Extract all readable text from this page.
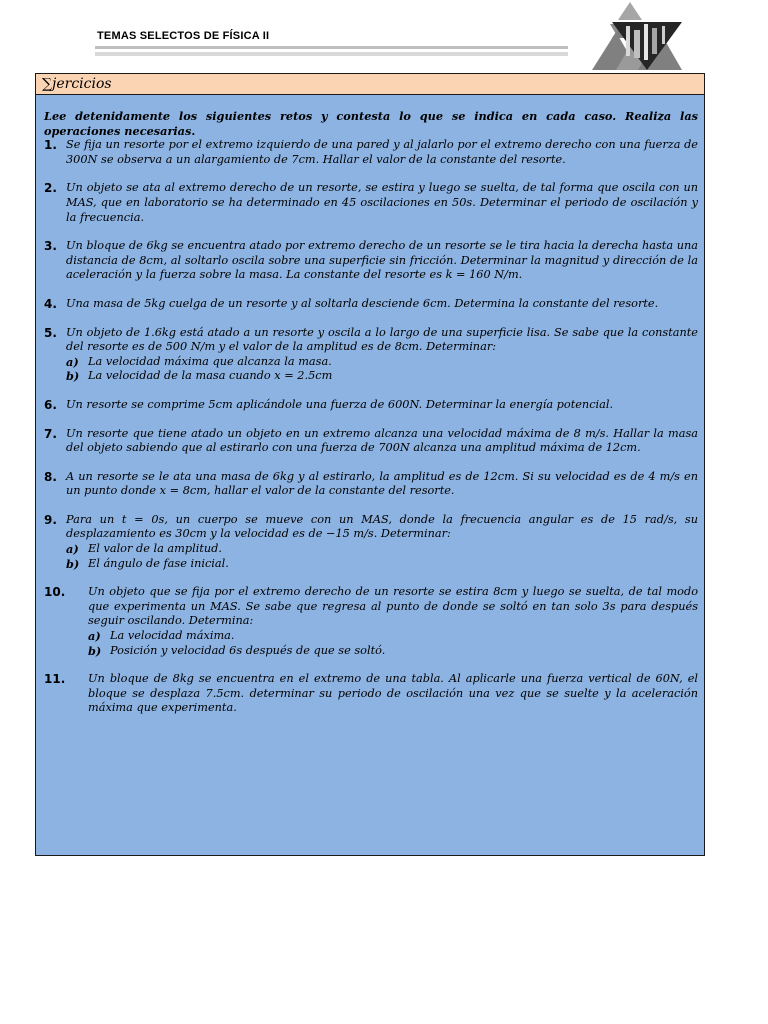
TEMAS SELECTOS DE FÍSICA II
∑jercicios

Lee detenidamente los siguientes retos y contesta lo que se indica en cada caso. Realiza las operaciones necesarias.

1. Se fija un resorte por el extremo izquierdo de una pared y al jalarlo por el extremo derecho con una fuerza de 300N se observa a un alargamiento de 7cm. Hallar el valor de la constante del resorte.
2. Un objeto se ata al extremo derecho de un resorte, se estira y luego se suelta, de tal forma que oscila con un MAS, que en laboratorio se ha determinado en 45 oscilaciones en 50s. Determinar el periodo de oscilación y la frecuencia.
3. Un bloque de 6kg se encuentra atado por extremo derecho de un resorte se le tira hacia la derecha hasta una distancia de 8cm, al soltarlo oscila sobre una superficie sin fricción. Determinar la magnitud y dirección de la aceleración y la fuerza sobre la masa. La constante del resorte es k = 160 N/m.
4. Una masa de 5kg cuelga de un resorte y al soltarla desciende 6cm. Determina la constante del resorte.
5. Un objeto de 1.6kg está atado a un resorte y oscila a lo largo de una superficie lisa. Se sabe que la constante del resorte es de 500 N/m y el valor de la amplitud es de 8cm. Determinar:
a) La velocidad máxima que alcanza la masa.
b) La velocidad de la masa cuando x = 2.5cm
6. Un resorte se comprime 5cm aplicándole una fuerza de 600N. Determinar la energía potencial.
7. Un resorte que tiene atado un objeto en un extremo alcanza una velocidad máxima de 8 m/s. Hallar la masa del objeto sabiendo que al estirarlo con una fuerza de 700N alcanza una amplitud máxima de 12cm.
8. A un resorte se le ata una masa de 6kg y al estirarlo, la amplitud es de 12cm. Si su velocidad es de 4 m/s en un punto donde x = 8cm, hallar el valor de la constante del resorte.
9. Para un t = 0s, un cuerpo se mueve con un MAS, donde la frecuencia angular es de 15 rad/s, su desplazamiento es 30cm y la velocidad es de −15 m/s. Determinar:
a) El valor de la amplitud.
b) El ángulo de fase inicial.
10.	Un objeto que se fija por el extremo derecho de un resorte se estira 8cm y luego se suelta, de tal modo que experimenta un MAS. Se sabe que regresa al punto de donde se soltó en tan solo 3s para después seguir oscilando. Determina:
a) La velocidad máxima.
b) Posición y velocidad 6s después de que se soltó.
11.	Un bloque de 8kg se encuentra en el extremo de una tabla. Al aplicarle una fuerza vertical de 60N, el bloque se desplaza 7.5cm. determinar su periodo de oscilación una vez que se suelte y la aceleración máxima que experimenta.
